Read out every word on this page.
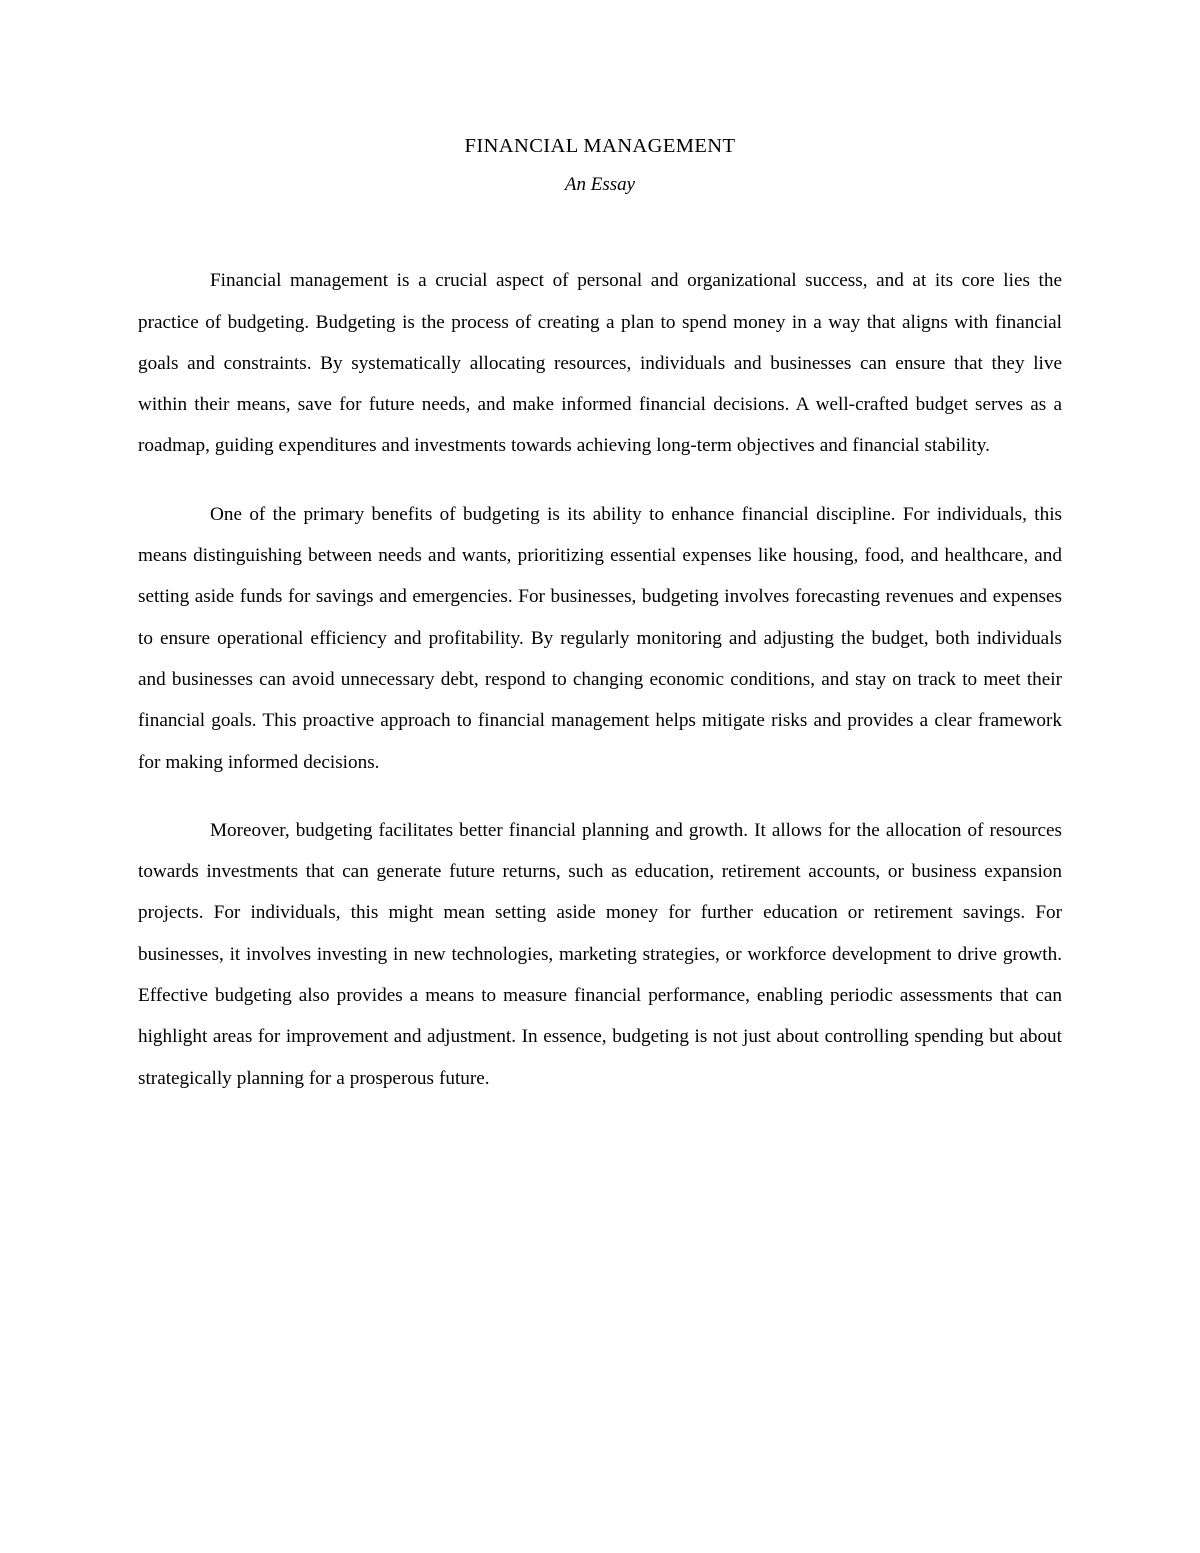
FINANCIAL MANAGEMENT
An Essay

Financial management is a crucial aspect of personal and organizational success, and at its core lies the practice of budgeting. Budgeting is the process of creating a plan to spend money in a way that aligns with financial goals and constraints. By systematically allocating resources, individuals and businesses can ensure that they live within their means, save for future needs, and make informed financial decisions. A well-crafted budget serves as a roadmap, guiding expenditures and investments towards achieving long-term objectives and financial stability.

One of the primary benefits of budgeting is its ability to enhance financial discipline. For individuals, this means distinguishing between needs and wants, prioritizing essential expenses like housing, food, and healthcare, and setting aside funds for savings and emergencies. For businesses, budgeting involves forecasting revenues and expenses to ensure operational efficiency and profitability. By regularly monitoring and adjusting the budget, both individuals and businesses can avoid unnecessary debt, respond to changing economic conditions, and stay on track to meet their financial goals. This proactive approach to financial management helps mitigate risks and provides a clear framework for making informed decisions.

Moreover, budgeting facilitates better financial planning and growth. It allows for the allocation of resources towards investments that can generate future returns, such as education, retirement accounts, or business expansion projects. For individuals, this might mean setting aside money for further education or retirement savings. For businesses, it involves investing in new technologies, marketing strategies, or workforce development to drive growth. Effective budgeting also provides a means to measure financial performance, enabling periodic assessments that can highlight areas for improvement and adjustment. In essence, budgeting is not just about controlling spending but about strategically planning for a prosperous future.
